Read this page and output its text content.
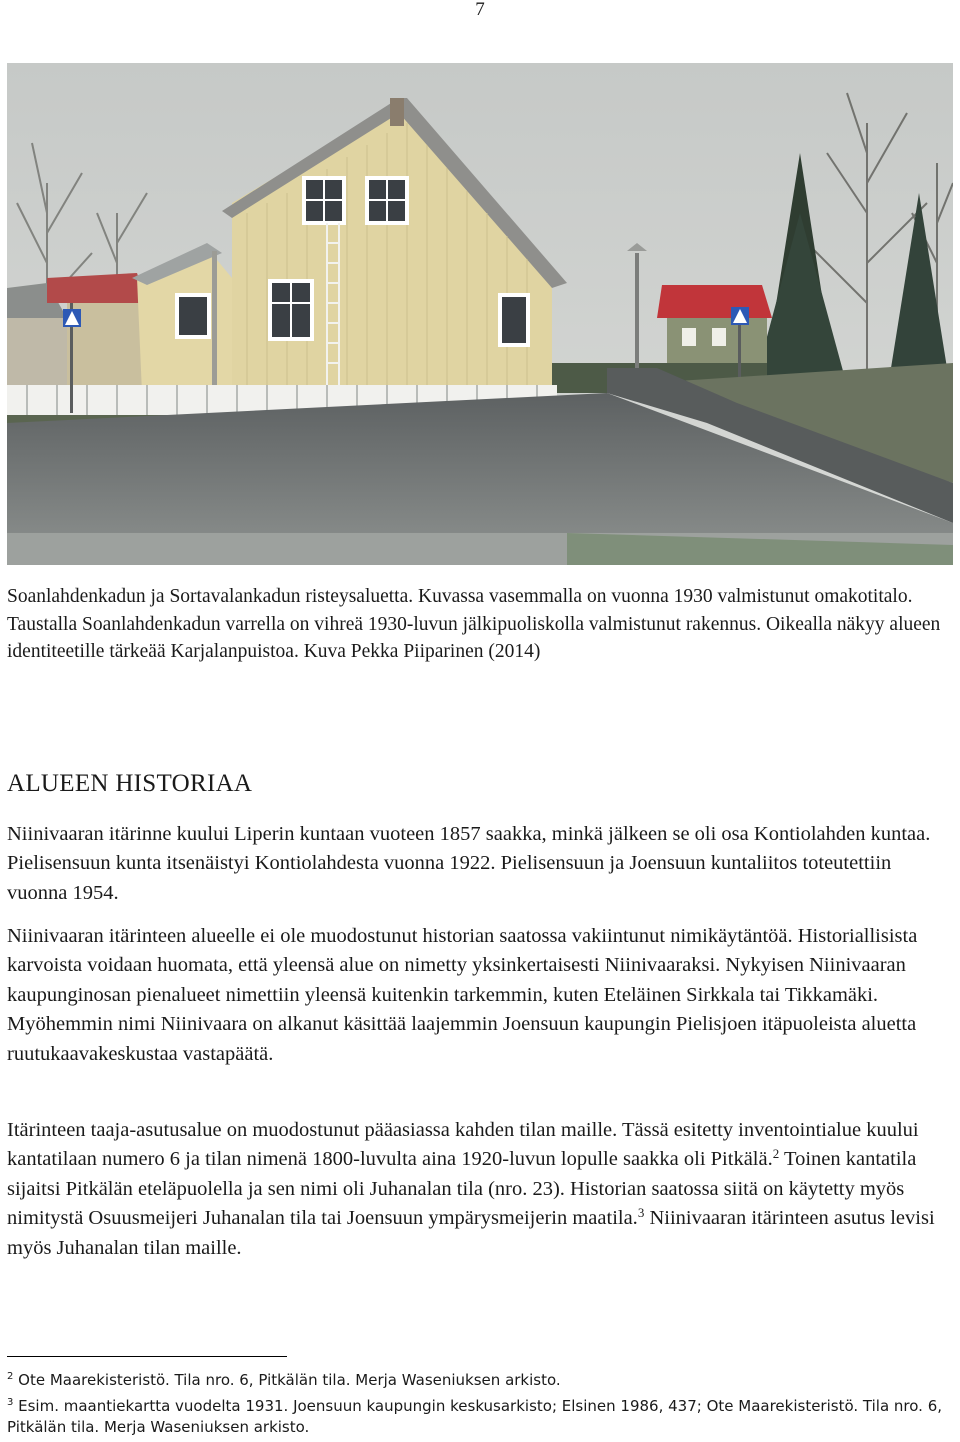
7
Soanlahdenkadun ja Sortavalankadun risteysaluetta. Kuvassa vasemmalla on vuonna 1930 valmistunut omakotitalo. Taustalla Soanlahdenkadun varrella on vihreä 1930-luvun jälkipuoliskolla valmistunut rakennus. Oikealla näkyy alueen identiteetille tärkeää Karjalanpuistoa. Kuva Pekka Piiparinen (2014)
ALUEEN HISTORIAA

Niinivaaran itärinne kuului Liperin kuntaan vuoteen 1857 saakka, minkä jälkeen se oli osa Kontiolahden kuntaa. Pielisensuun kunta itsenäistyi Kontiolahdesta vuonna 1922. Pielisensuun ja Joensuun kuntaliitos toteutettiin vuonna 1954.

Niinivaaran itärinteen alueelle ei ole muodostunut historian saatossa vakiintunut nimikäytäntöä. Historiallisista karvoista voidaan huomata, että yleensä alue on nimetty yksinkertaisesti Niinivaaraksi. Nykyisen Niinivaaran kaupunginosan pienalueet nimettiin yleensä kuitenkin tarkemmin, kuten Eteläinen Sirkkala tai Tikkamäki. Myöhemmin nimi Niinivaara on alkanut käsittää laajemmin Joensuun kaupungin Pielisjoen itäpuoleista aluetta ruutukaavakeskustaa vastapäätä.

Itärinteen taaja-asutusalue on muodostunut pääasiassa kahden tilan maille. Tässä esitetty inventointialue kuului kantatilaan numero 6 ja tilan nimenä 1800-luvulta aina 1920-luvun lopulle saakka oli Pitkälä.$^2$ Toinen kantatila sijaitsi Pitkälän eteläpuolella ja sen nimi oli Juhanalan tila (nro. 23). Historian saatossa siitä on käytetty myös nimitystä Osuusmeijeri Juhanalan tila tai Joensuun ympärysmeijerin maatila.$^3$ Niinivaaran itärinteen asutus levisi myös Juhanalan tilan maille.

$^2$ Ote Maarekisteristö. Tila nro. 6, Pitkälän tila. Merja Waseniuksen arkisto.

$^3$ Esim. maantiekartta vuodelta 1931. Joensuun kaupungin keskusarkisto; Elsinen 1986, 437; Ote Maarekisteristö. Tila nro. 6, Pitkälän tila. Merja Waseniuksen arkisto.
